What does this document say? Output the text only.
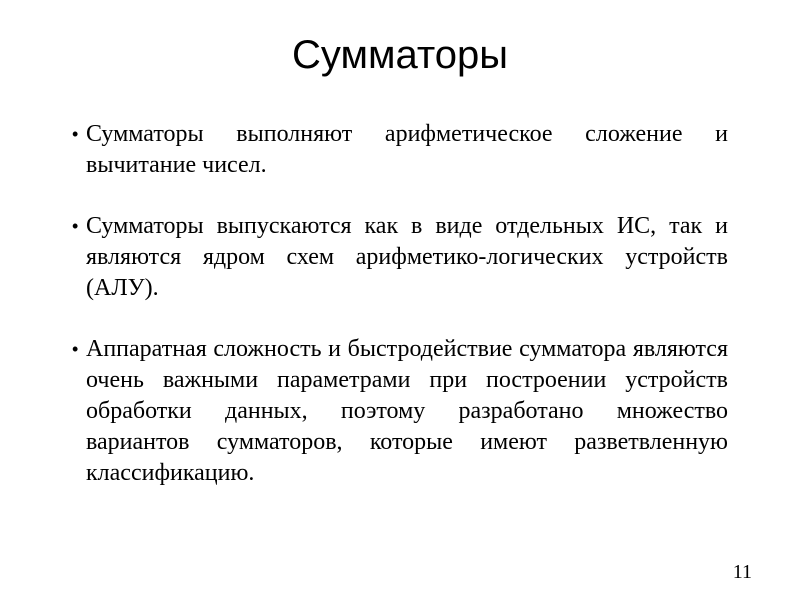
Сумматоры
• Сумматоры выполняют арифметическое сложение и вычитание чисел.
• Сумматоры выпускаются как в виде отдельных ИС, так и являются ядром схем арифметико-логических устройств (АЛУ).
• Аппаратная сложность и быстродействие сумматора являются очень важными параметрами при построении устройств обработки данных, поэтому разработано множество вариантов сумматоров, которые имеют разветвленную классификацию.
11
